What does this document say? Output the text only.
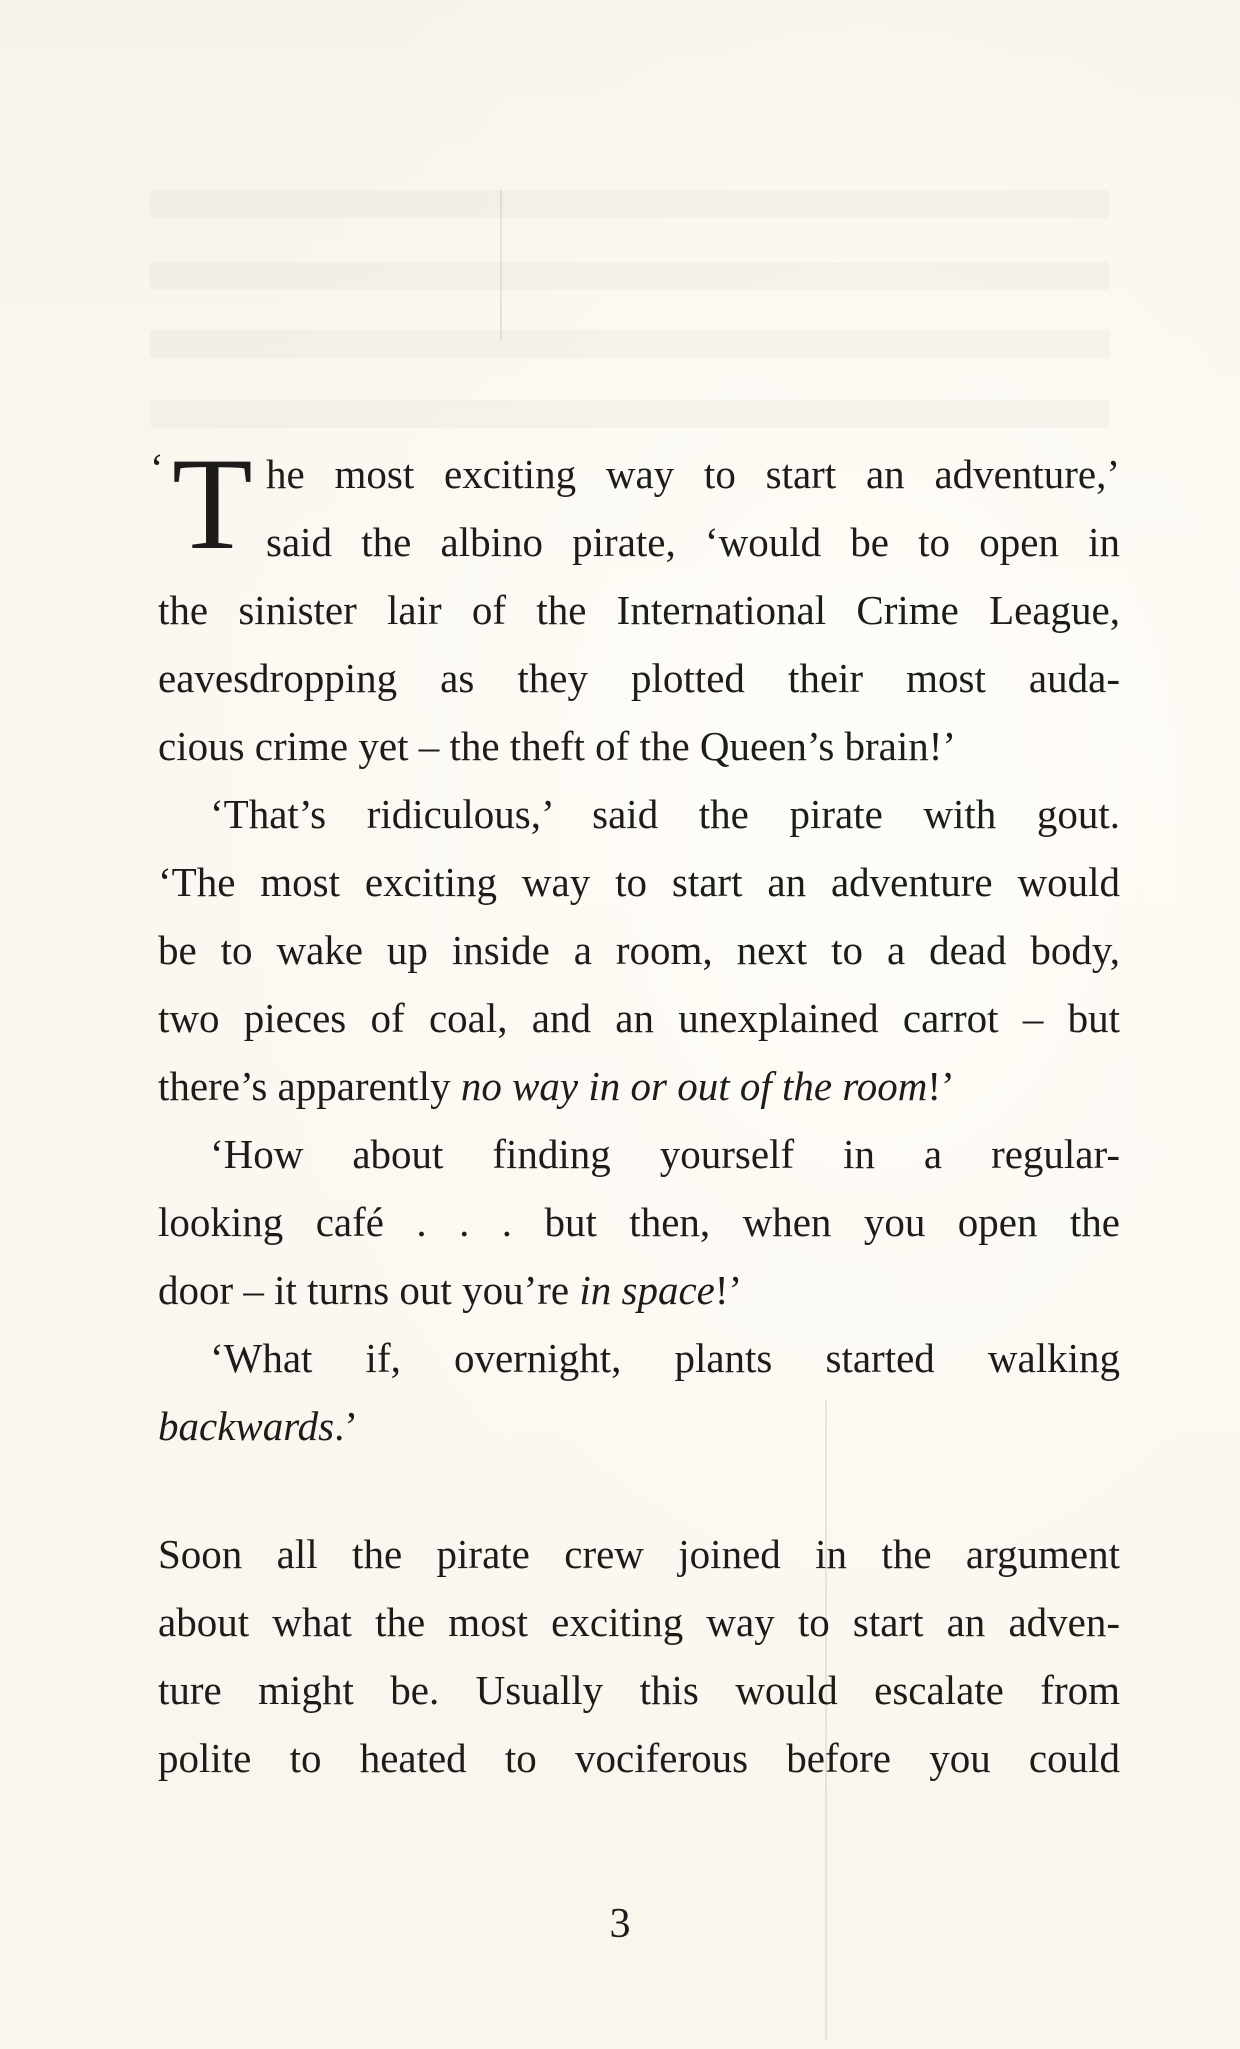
‘ T he most exciting way to start an adventure,’
said the albino pirate, ‘would be to open in
the sinister lair of the International Crime League,
eavesdropping as they plotted their most auda-
cious crime yet – the theft of the Queen’s brain!’
‘That’s ridiculous,’ said the pirate with gout.
‘The most exciting way to start an adventure would
be to wake up inside a room, next to a dead body,
two pieces of coal, and an unexplained carrot – but
there’s apparently no way in or out of the room!’
‘How about finding yourself in a regular-
looking café . . . but then, when you open the
door – it turns out you’re in space!’
‘What if, overnight, plants started walking
backwards.’
Soon all the pirate crew joined in the argument
about what the most exciting way to start an adven-
ture might be. Usually this would escalate from
polite to heated to vociferous before you could
3
